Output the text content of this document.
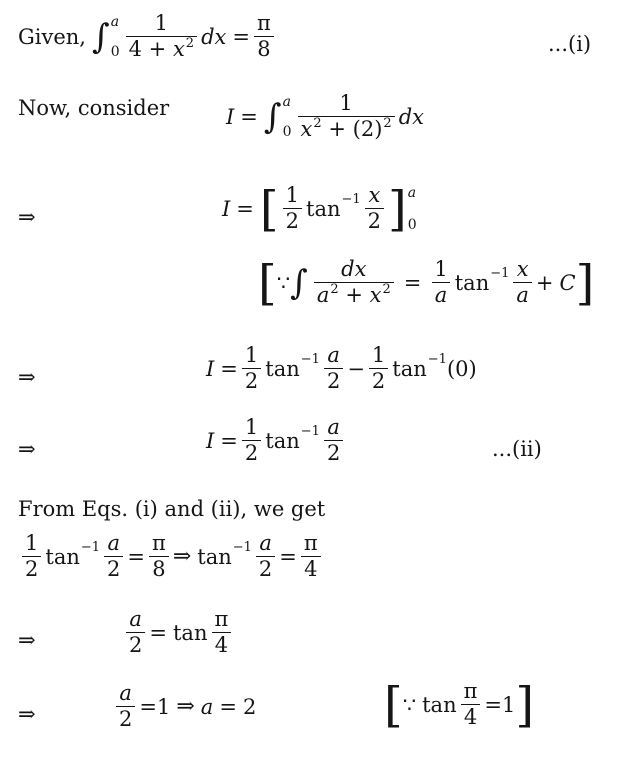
Given, ∫ a
$0 \frac{1}{4 + x^2}$ dx = $\frac{\pi}{8}$	...(i)
Now, consider	I = ∫ a
$0 \frac{1}{x^2 + (2)^2}$ dx
⇒	I = [ $\frac{1}{2}$ $\tan -1 \frac{x}{2}$ ] a
0
[ ∵ ∫ $\frac{dx}{a^2 + x^2} = \frac{1}{a}$ $\tan -1 \frac{x}{a} + C$ ]
⇒	$I = \frac{1}{2}$ $\tan -1 \frac{a}{2} - \frac{1}{2}$ tan −1 (0)
⇒	$I = \frac{1}{2}$ $\tan -1 \frac{a}{2}$	...(ii)
From Eqs. (i) and (ii), we get
$\frac{1}{2}$ $\tan -1 \frac{a}{2} = \frac{\pi}{8}$ ⇒ $\tan -1 \frac{a}{2} = \frac{\pi}{4}$
⇒	$\frac{a}{2} = \tan \frac{\pi}{4}$
⇒	$\frac{a}{2} = 1$ ⇒ a = 2	[ ∵ $\tan \frac{\pi}{4} = 1$ ]
